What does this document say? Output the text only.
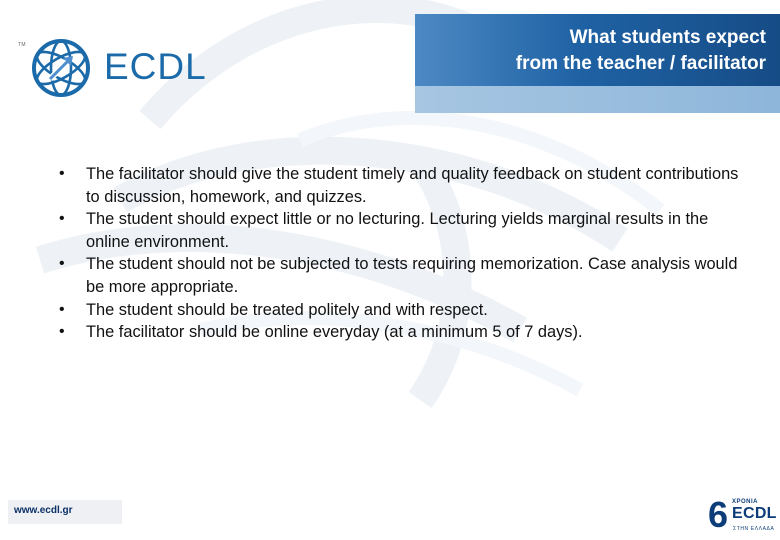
TM
ECDL
What students expect
from the teacher / facilitator
• The facilitator should give the student timely and quality feedback on student contributions to discussion, homework, and quizzes.
• The student should expect little or no lecturing. Lecturing yields marginal results in the online environment.
• The student should not be subjected to tests requiring memorization. Case analysis would be more appropriate.
• The student should be treated politely and with respect.
• The facilitator should be online everyday (at a minimum 5 of 7 days).
www.ecdl.gr	6 ΧΡΟΝΙΑ
ECDL
ΣΤΗΝ ΕΛΛΑΔΑ
